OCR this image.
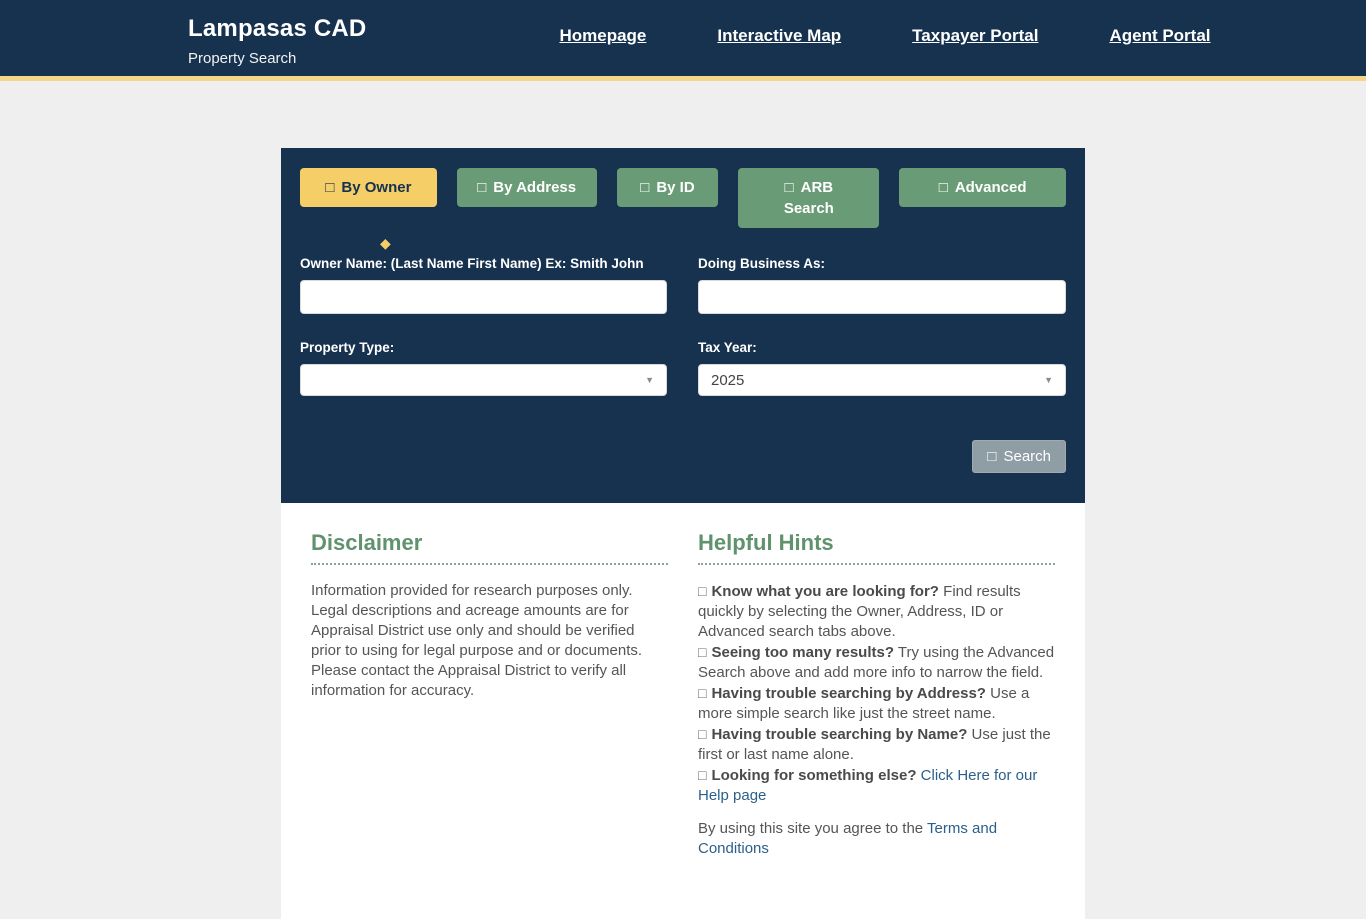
Lampasas CAD
Property Search
Homepage	Interactive Map	Taxpayer Portal	Agent Portal
□ By Owner	□ By Address	□ By ID	□ ARB Search
□ Advanced
◆
Owner Name: (Last Name First Name) Ex: Smith John	Doing Business As:
Property Type:
▼
Tax Year:
2025	▼
□ Search
Disclaimer

Information provided for research purposes only. Legal descriptions and acreage amounts are for Appraisal District use only and should be verified prior to using for legal purpose and or documents. Please contact the Appraisal District to verify all information for accuracy.

Helpful Hints
□ Know what you are looking for? Find results quickly by selecting the Owner, Address, ID or Advanced search tabs above.
□ Seeing too many results? Try using the Advanced Search above and add more info to narrow the field.
□ Having trouble searching by Address? Use a more simple search like just the street name.
□ Having trouble searching by Name? Use just the first or last name alone.
□ Looking for something else? Click Here for our Help page

By using this site you agree to the Terms and Conditions
